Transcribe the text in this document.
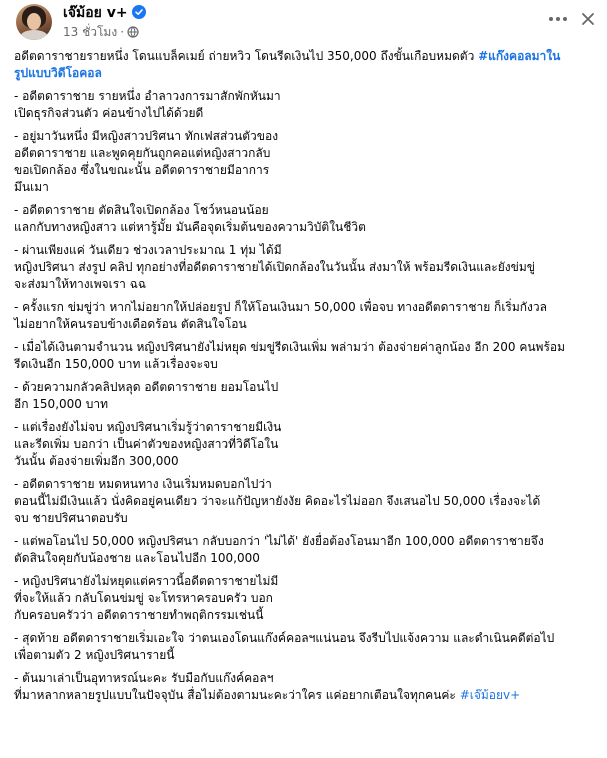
เจ๊ม้อย v+
13 ชั่วโมง ·

อดีตดาราชายรายหนึ่ง โดนแบล็คเมย์ ถ่ายหวิว โดนรีดเงินไป 350,000 ถึงขั้นเกือบหมดตัว #แก๊งคอลมาใน
รูปแบบวิดีโอคอล

- อดีตดาราชาย รายหนึ่ง อำลาวงการมาสักพักหันมา
เปิดธุรกิจส่วนตัว ค่อนข้างไปได้ด้วยดี

- อยู่มาวันหนึ่ง มีหญิงสาวปริศนา ทักเฟสส่วนตัวของ
อดีตดาราชาย และพูดคุยกันถูกคอแต่หญิงสาวกลับ
ขอเปิดกล้อง ซึ่งในขณะนั้น อดีตดาราชายมีอาการ
มึนเมา

- อดีตดาราชาย ตัดสินใจเปิดกล้อง โชว์หนอนน้อย
แลกกับทางหญิงสาว แต่หารู้มั้ย มันคือจุดเริ่มต้นของความวิบัติในชีวิต

- ผ่านเพียงแค่ วันเดียว ช่วงเวลาประมาณ 1 ทุ่ม ได้มี
หญิงปริศนา ส่งรูป คลิป ทุกอย่างที่อดีตดาราชายได้เปิดกล้องในวันนั้น ส่งมาให้ พร้อมรีดเงินและยังข่มขู่
จะส่งมาให้ทางเพจเรา ฉฉ

- ครั้งแรก ข่มขู่ว่า หากไม่อยากให้ปล่อยรูป ก็ให้โอนเงินมา 50,000 เพื่อจบ ทางอดีตดาราชาย ก็เริ่มกังวล
ไม่อยากให้คนรอบข้างเดือดร้อน ตัดสินใจโอน

- เมื่อได้เงินตามจำนวน หญิงปริศนายังไม่หยุด ข่มขู่รีดเงินเพิ่ม พล่ามว่า ต้องจ่ายค่าลูกน้อง อีก 200 คนพร้อม
รีดเงินอีก 150,000 บาท แล้วเรื่องจะจบ

- ด้วยความกลัวคลิปหลุด อดีตดาราชาย ยอมโอนไป
อีก 150,000 บาท

- แต่เรื่องยังไม่จบ หญิงปริศนาเริ่มรู้ว่าดาราชายมีเงิน
และรีดเพิ่ม บอกว่า เป็นค่าตัวของหญิงสาวที่วิดีโอใน
วันนั้น ต้องจ่ายเพิ่มอีก 300,000

- อดีตดาราชาย หมดหนทาง เงินเริ่มหมดบอกไปว่า
ตอนนี้ไม่มีเงินแล้ว นั่งคิดอยู่คนเดียว ว่าจะแก้ปัญหายังงัย คิดอะไรไม่ออก จึงเสนอไป 50,000 เรื่องจะได้
จบ ชายปริศนาตอบรับ

- แต่พอโอนไป 50,000 หญิงปริศนา กลับบอกว่า 'ไม่ได้' ยังยื่อต้องโอนมาอีก 100,000 อดีตดาราชายจึง
ตัดสินใจคุยกับน้องชาย และโอนไปอีก 100,000

- หญิงปริศนายังไม่หยุดแต่คราวนี้อดีตดาราชายไม่มี
ที่จะให้แล้ว กลับโดนข่มขู่ จะโทรหาครอบครัว บอก
กับครอบครัวว่า อดีตดาราชายทำพฤติกรรมเช่นนี้

- สุดท้าย อดีตดาราชายเริ่มเอะใจ ว่าตนเองโดนแก๊งค์คอลฯแน่นอน จึงรีบไปแจ้งความ และดำเนินคดีต่อไป
เพื่อตามตัว 2 หญิงปริศนารายนี้

- ต้นมาเล่าเป็นอุทาหรณ์นะคะ รับมือกับแก๊งค์คอลฯ
ที่มาหลากหลายรูปแบบในปัจจุบัน สื่อไม่ต้องตามนะคะว่าใคร แค่อยากเตือนใจทุกคนค่ะ #เจ๊ม้อยv+
